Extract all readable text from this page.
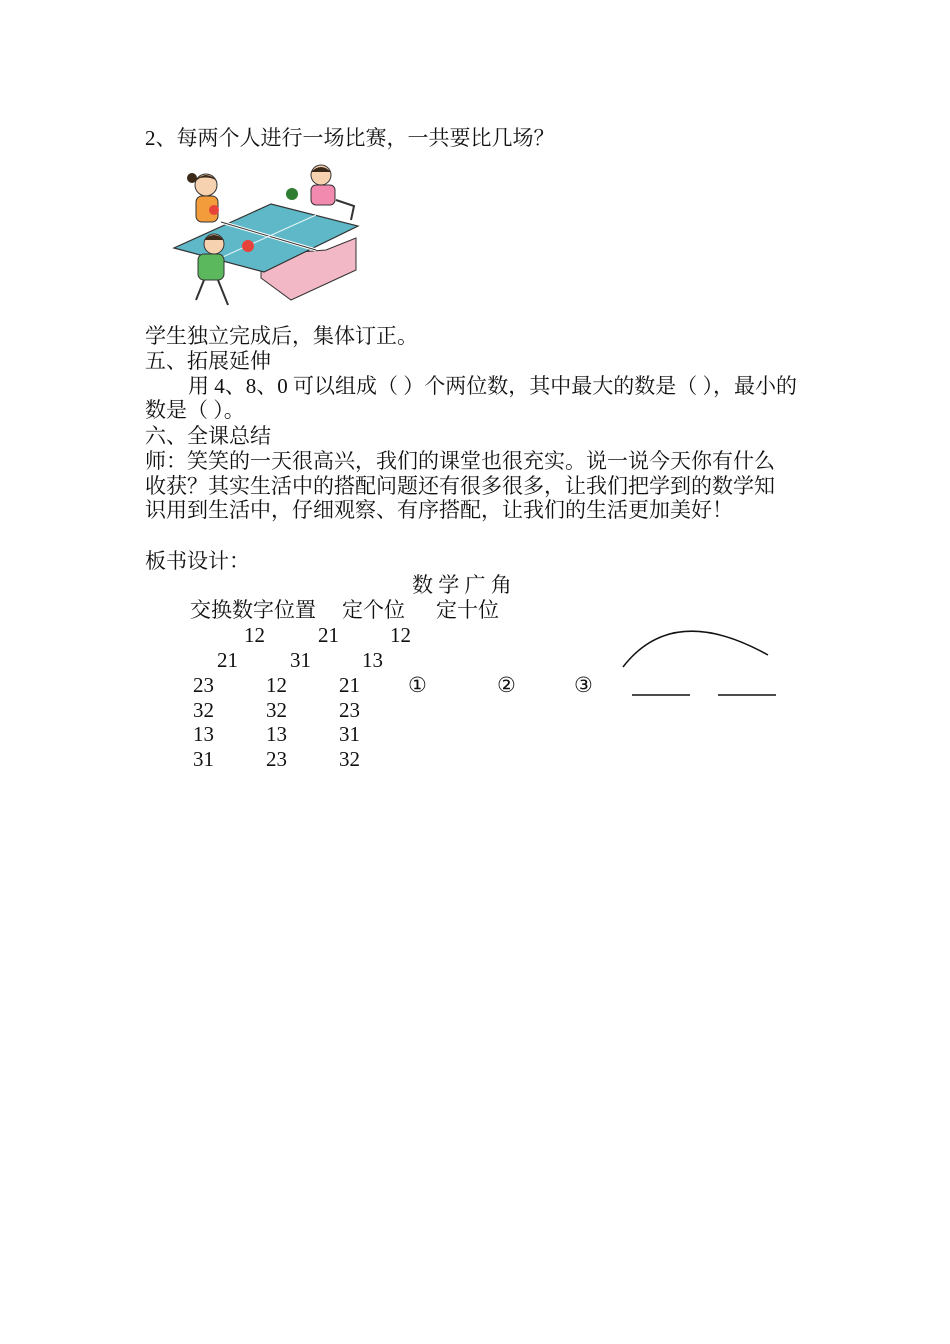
2、每两个人进行一场比赛，一共要比几场？
学生独立完成后，集体订正。
五、拓展延伸
用 4、8、0 可以组成（ ）个两位数，其中最大的数是（ ），最小的
数是（ ）。
六、全课总结
师：笑笑的一天很高兴，我们的课堂也很充实。说一说今天你有什么
收获？其实生活中的搭配问题还有很多很多，让我们把学到的数学知
识用到生活中，仔细观察、有序搭配，让我们的生活更加美好！
板书设计：
数 学 广 角
交换数字位置 定个位 定十位
12	21 12
21 31 13
23 12 21
32 32 23
13 13 31
31 23 32
①	②	③
